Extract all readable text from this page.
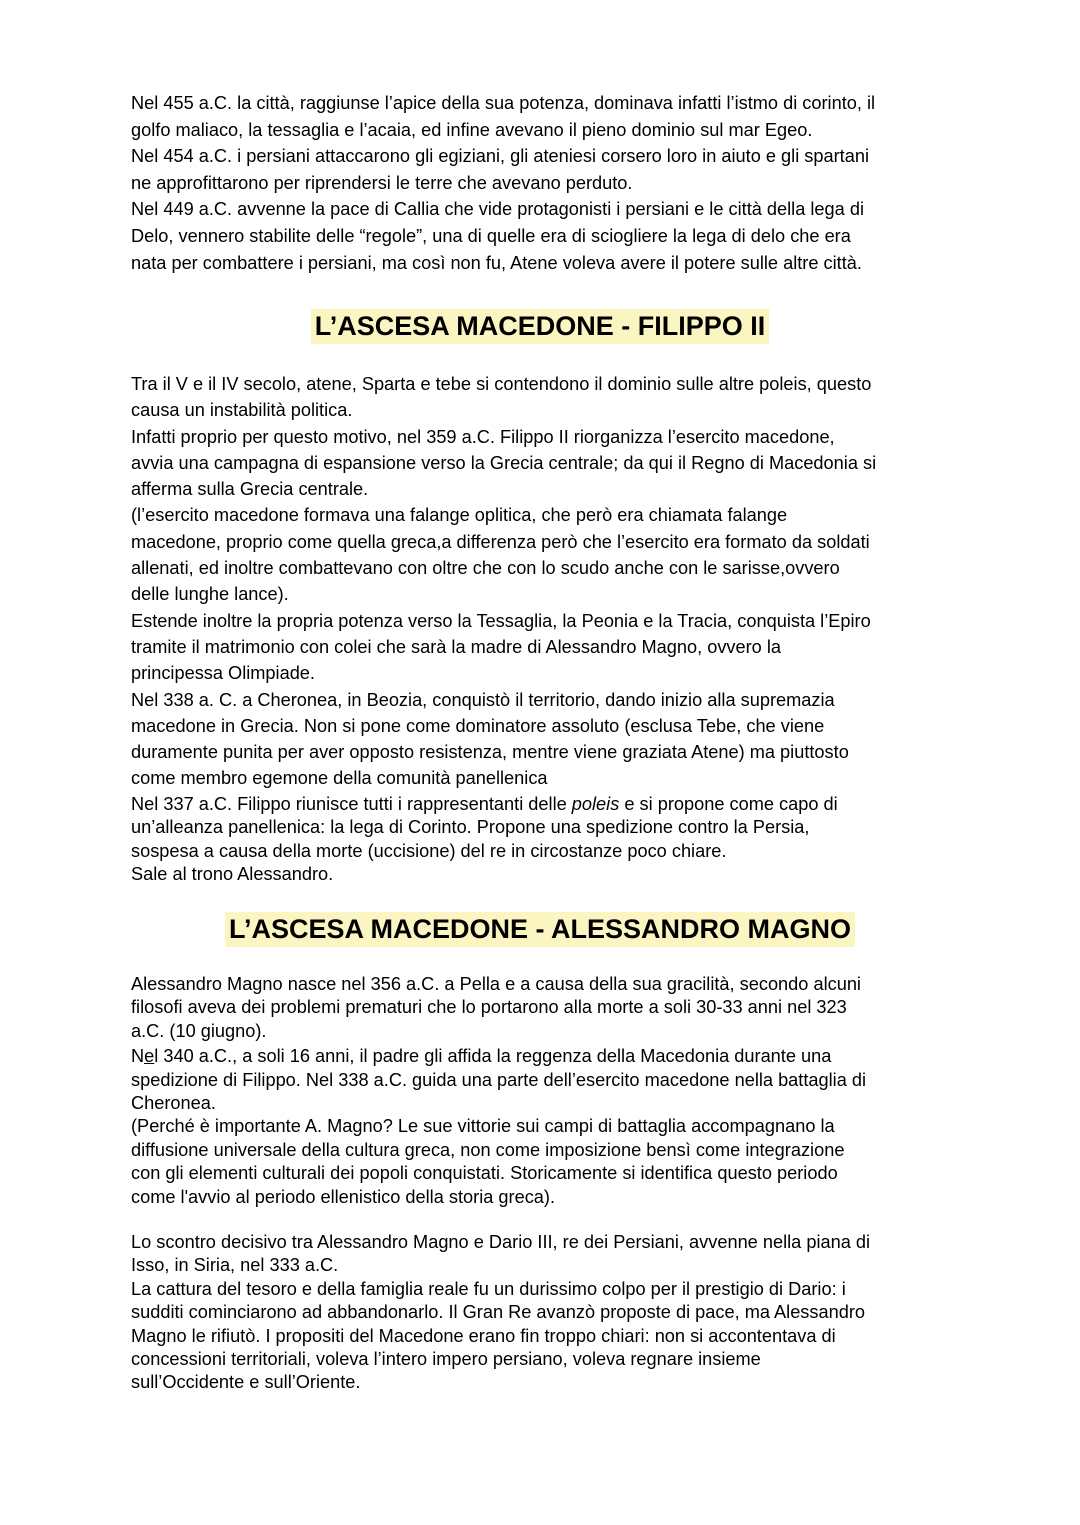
Nel 455 a.C. la città, raggiunse l’apice della sua potenza, dominava infatti l’istmo di corinto, il
golfo maliaco, la tessaglia e l’acaia, ed infine avevano il pieno dominio sul mar Egeo.

Nel 454 a.C. i persiani attaccarono gli egiziani, gli ateniesi corsero loro in aiuto e gli spartani
ne approfittarono per riprendersi le terre che avevano perduto.

Nel 449 a.C. avvenne la pace di Callia che vide protagonisti i persiani e le città della lega di
Delo, vennero stabilite delle “regole”, una di quelle era di sciogliere la lega di delo che era
nata per combattere i persiani, ma così non fu, Atene voleva avere il potere sulle altre città.

L’ASCESA MACEDONE - FILIPPO II

Tra il V e il IV secolo, atene, Sparta e tebe si contendono il dominio sulle altre poleis, questo
causa un instabilità politica.

Infatti proprio per questo motivo, nel 359 a.C. Filippo II riorganizza l’esercito macedone,
avvia una campagna di espansione verso la Grecia centrale; da qui il Regno di Macedonia si
afferma sulla Grecia centrale.

(l’esercito macedone formava una falange oplitica, che però era chiamata falange
macedone, proprio come quella greca,a differenza però che l’esercito era formato da soldati
allenati, ed inoltre combattevano con oltre che con lo scudo anche con le sarisse,ovvero
delle lunghe lance).

Estende inoltre la propria potenza verso la Tessaglia, la Peonia e la Tracia, conquista l’Epiro
tramite il matrimonio con colei che sarà la madre di Alessandro Magno, ovvero la
principessa Olimpiade.

Nel 338 a. C. a Cheronea, in Beozia, conquistò il territorio, dando inizio alla supremazia
macedone in Grecia. Non si pone come dominatore assoluto (esclusa Tebe, che viene
duramente punita per aver opposto resistenza, mentre viene graziata Atene) ma piuttosto
come membro egemone della comunità panellenica

Nel 337 a.C. Filippo riunisce tutti i rappresentanti delle poleis e si propone come capo di
un’alleanza panellenica: la lega di Corinto. Propone una spedizione contro la Persia,
sospesa a causa della morte (uccisione) del re in circostanze poco chiare.
Sale al trono Alessandro.

L’ASCESA MACEDONE - ALESSANDRO MAGNO

Alessandro Magno nasce nel 356 a.C. a Pella e a causa della sua gracilità, secondo alcuni
filosofi aveva dei problemi prematuri che lo portarono alla morte a soli 30-33 anni nel 323
a.C. (10 giugno).

Nel 340 a.C., a soli 16 anni, il padre gli affida la reggenza della Macedonia durante una
spedizione di Filippo. Nel 338 a.C. guida una parte dell’esercito macedone nella battaglia di
Cheronea.

(Perché è importante A. Magno? Le sue vittorie sui campi di battaglia accompagnano la
diffusione universale della cultura greca, non come imposizione bensì come integrazione
con gli elementi culturali dei popoli conquistati. Storicamente si identifica questo periodo
come l'avvio al periodo ellenistico della storia greca).

Lo scontro decisivo tra Alessandro Magno e Dario III, re dei Persiani, avvenne nella piana di
Isso, in Siria, nel 333 a.C.

La cattura del tesoro e della famiglia reale fu un durissimo colpo per il prestigio di Dario: i
sudditi cominciarono ad abbandonarlo. Il Gran Re avanzò proposte di pace, ma Alessandro
Magno le rifiutò. I propositi del Macedone erano fin troppo chiari: non si accontentava di
concessioni territoriali, voleva l’intero impero persiano, voleva regnare insieme
sull’Occidente e sull’Oriente.
